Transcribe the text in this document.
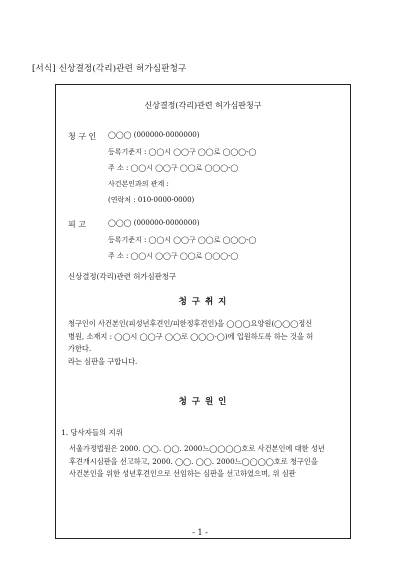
[서식] 신상결정(각리)관련 허가심판청구
신상결정(각리)관련 허가심판청구
청 구 인 ◯◯◯ (000000-0000000)
등록기준지 : ◯◯시 ◯◯구 ◯◯로 ◯◯◯-◯
주 소 : ◯◯시 ◯◯구 ◯◯로 ◯◯◯-◯
사건본인과의 관계 :
(연락처 : 010-0000-0000)
피 고	◯◯◯ (000000-0000000)
등록기준지 : ◯◯시 ◯◯구 ◯◯로 ◯◯◯-◯
주 소 : ◯◯시 ◯◯구 ◯◯로 ◯◯◯-◯
신상결정(각리)관련 허가심판청구
청 구 취 지
청구인이 사건본인(피성년후견인/피한정후견인)을 ◯◯◯요양원(◯◯◯정신
병원, 소재지 : ◯◯시 ◯◯구 ◯◯로 ◯◯◯-◯)에 입원하도록 하는 것을 허
가한다.
라는 심판을 구합니다.
청 구 원 인
1. 당사자들의 지위
서울가정법원은 2000. ◯◯. ◯◯. 2000느◯◯◯◯호로 사건본인에 대한 성년
후견개시심판을 선고하고, 2000. ◯◯. ◯◯. 2000느◯◯◯◯호로 청구인을
사건본인을 위한 성년후견인으로 선임하는 심판을 선고하였으며, 위 심판
- 1 -
